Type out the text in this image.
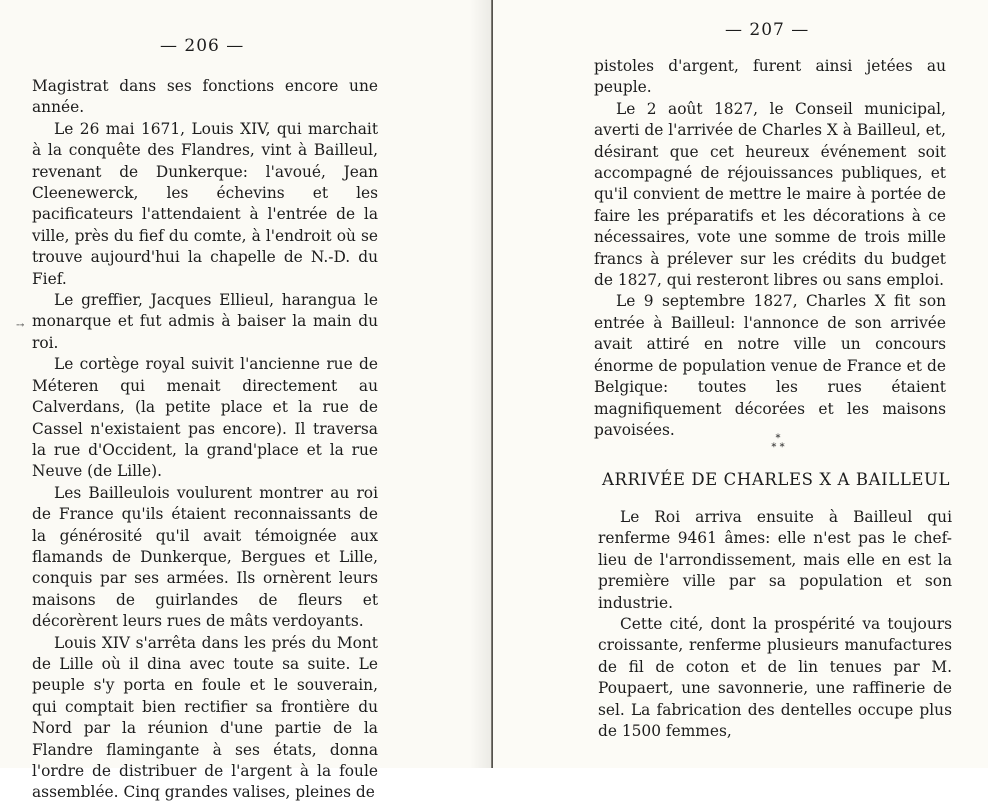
— 206 —

Magistrat dans ses fonctions encore une année.

Le 26 mai 1671, Louis XIV, qui marchait à la conquête des Flandres, vint à Bailleul, revenant de Dunkerque: l'avoué, Jean Cleenewerck, les échevins et les pacificateurs l'attendaient à l'entrée de la ville, près du fief du comte, à l'endroit où se trouve aujourd'hui la chapelle de N.-D. du Fief.

Le greffier, Jacques Ellieul, harangua le monarque et fut admis à baiser la main du roi.

Le cortège royal suivit l'ancienne rue de Méteren qui menait directement au Calverdans, (la petite place et la rue de Cassel n'existaient pas encore). Il traversa la rue d'Occident, la grand'place et la rue Neuve (de Lille).

Les Bailleulois voulurent montrer au roi de France qu'ils étaient reconnaissants de la générosité qu'il avait témoignée aux flamands de Dunkerque, Bergues et Lille, conquis par ses armées. Ils ornèrent leurs maisons de guirlandes de fleurs et décorèrent leurs rues de mâts verdoyants.

Louis XIV s'arrêta dans les prés du Mont de Lille où il dina avec toute sa suite. Le peuple s'y porta en foule et le souverain, qui comptait bien rectifier sa frontière du Nord par la réunion d'une partie de la Flandre flamingante à ses états, donna l'ordre de distribuer de l'argent à la foule assemblée. Cinq grandes valises, pleines de

⤍
— 207 —

pistoles d'argent, furent ainsi jetées au peuple.

Le 2 août 1827, le Conseil municipal, averti de l'arrivée de Charles X à Bailleul, et, désirant que cet heureux événement soit accompagné de réjouissances publiques, et qu'il convient de mettre le maire à portée de faire les préparatifs et les décorations à ce nécessaires, vote une somme de trois mille francs à prélever sur les crédits du budget de 1827, qui resteront libres ou sans emploi.

Le 9 septembre 1827, Charles X fit son entrée à Bailleul: l'annonce de son arrivée avait attiré en notre ville un concours énorme de population venue de France et de Belgique: toutes les rues étaient magnifiquement décorées et les maisons pavoisées.	*
* *
ARRIVÉE DE CHARLES X A BAILLEUL

Le Roi arriva ensuite à Bailleul qui renferme 9461 âmes: elle n'est pas le chef-lieu de l'arrondissement, mais elle en est la première ville par sa population et son industrie.

Cette cité, dont la prospérité va toujours croissante, renferme plusieurs manufactures de fil de coton et de lin tenues par M. Poupaert, une savonnerie, une raffinerie de sel. La fabrication des dentelles occupe plus de 1500 femmes,
